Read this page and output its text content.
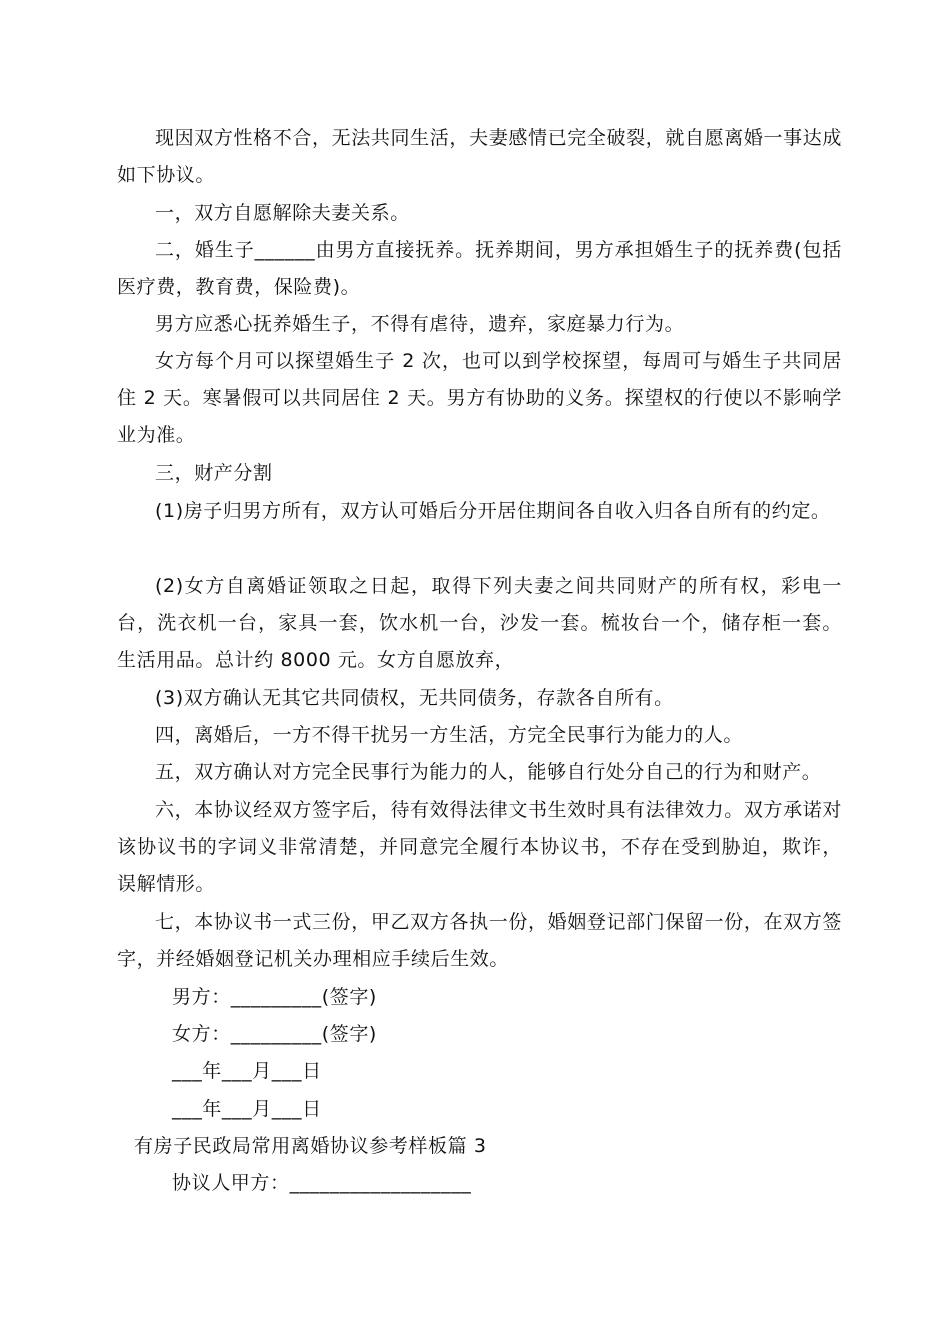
现因双方性格不合，无法共同生活，夫妻感情已完全破裂，就自愿离婚一事达成如下协议。

一，双方自愿解除夫妻关系。

二，婚生子______由男方直接抚养。抚养期间，男方承担婚生子的抚养费(包括医疗费，教育费，保险费)。

男方应悉心抚养婚生子，不得有虐待，遗弃，家庭暴力行为。

女方每个月可以探望婚生子 2 次，也可以到学校探望，每周可与婚生子共同居住 2 天。寒暑假可以共同居住 2 天。男方有协助的义务。探望权的行使以不影响学业为准。

三，财产分割

(1)房子归男方所有，双方认可婚后分开居住期间各自收入归各自所有的约定。

(2)女方自离婚证领取之日起，取得下列夫妻之间共同财产的所有权，彩电一台，洗衣机一台，家具一套，饮水机一台，沙发一套。梳妆台一个，储存柜一套。生活用品。总计约 8000 元。女方自愿放弃，

(3)双方确认无其它共同债权，无共同债务，存款各自所有。

四，离婚后，一方不得干扰另一方生活，方完全民事行为能力的人。

五，双方确认对方完全民事行为能力的人，能够自行处分自己的行为和财产。

六，本协议经双方签字后，待有效得法律文书生效时具有法律效力。双方承诺对该协议书的字词义非常清楚，并同意完全履行本协议书，不存在受到胁迫，欺诈，误解情形。

七，本协议书一式三份，甲乙双方各执一份，婚姻登记部门保留一份，在双方签字，并经婚姻登记机关办理相应手续后生效。

男方：_________(签字)

女方：_________(签字)

___年___月___日

___年___月___日

有房子民政局常用离婚协议参考样板篇 3

协议人甲方：__________________
